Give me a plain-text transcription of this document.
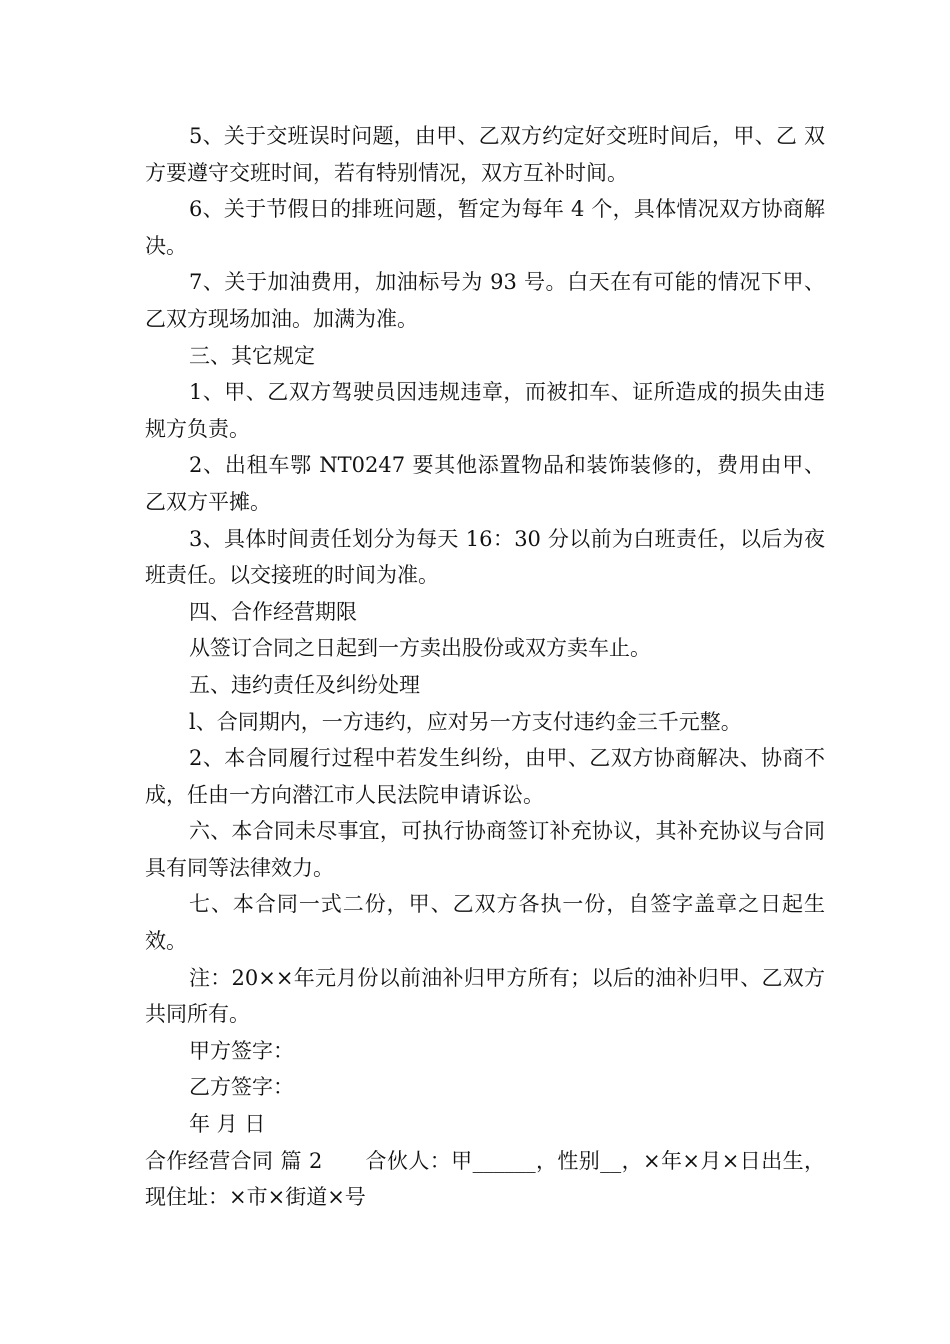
5、关于交班误时问题，由甲、乙双方约定好交班时间后，甲、乙 双方要遵守交班时间，若有特别情况，双方互补时间。

6、关于节假日的排班问题，暂定为每年 4 个，具体情况双方协商解决。

7、关于加油费用，加油标号为 93 号。白天在有可能的情况下甲、乙双方现场加油。加满为准。

三、其它规定

1、甲、乙双方驾驶员因违规违章，而被扣车、证所造成的损失由违规方负责。

2、出租车鄂 NT0247 要其他添置物品和装饰装修的，费用由甲、乙双方平摊。

3、具体时间责任划分为每天 16：30 分以前为白班责任，以后为夜班责任。以交接班的时间为准。

四、合作经营期限

从签订合同之日起到一方卖出股份或双方卖车止。

五、违约责任及纠纷处理

l、合同期内，一方违约，应对另一方支付违约金三千元整。

2、本合同履行过程中若发生纠纷，由甲、乙双方协商解决、协商不成，任由一方向潜江市人民法院申请诉讼。

六、本合同未尽事宜，可执行协商签订补充协议，其补充协议与合同具有同等法律效力。

七、本合同一式二份，甲、乙双方各执一份，自签字盖章之日起生效。

注：20××年元月份以前油补归甲方所有；以后的油补归甲、乙双方共同所有。

甲方签字：

乙方签字：

年 月 日

合作经营合同 篇 2　　合伙人：甲______，性别__，×年×月×日出生，现住址：×市×街道×号
